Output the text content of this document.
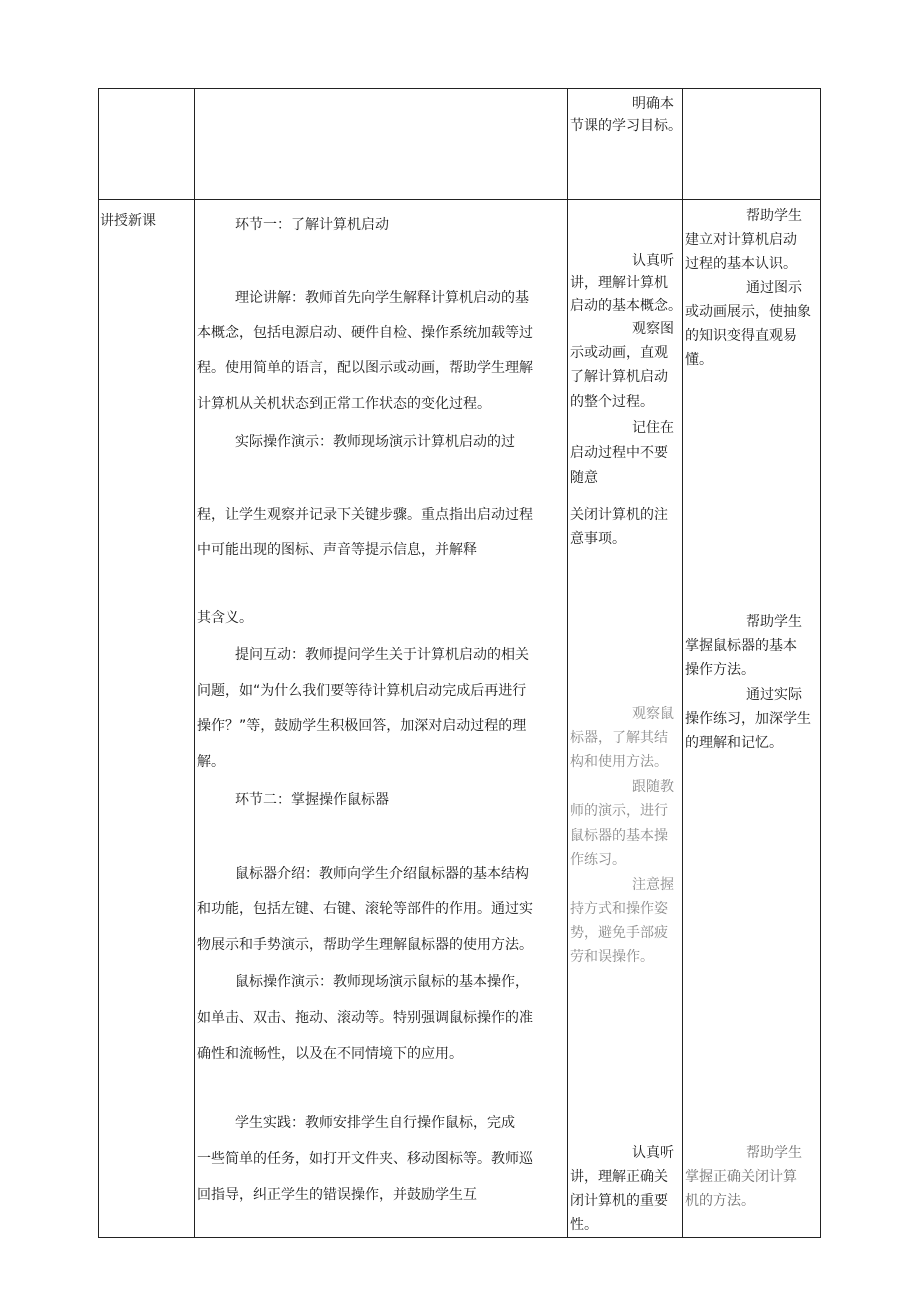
明确本
节课的学习目标。
讲授新课	环节一：了解计算机启动
理论讲解：教师首先向学生解释计算机启动的基
本概念，包括电源启动、硬件自检、操作系统加载等过
程。使用简单的语言，配以图示或动画，帮助学生理解
计算机从关机状态到正常工作状态的变化过程。
实际操作演示：教师现场演示计算机启动的过
程，让学生观察并记录下关键步骤。重点指出启动过程
中可能出现的图标、声音等提示信息，并解释
其含义。
提问互动：教师提问学生关于计算机启动的相关
问题，如“为什么我们要等待计算机启动完成后再进行
操作？”等，鼓励学生积极回答，加深对启动过程的理
解。
环节二：掌握操作鼠标器
鼠标器介绍：教师向学生介绍鼠标器的基本结构
和功能，包括左键、右键、滚轮等部件的作用。通过实
物展示和手势演示，帮助学生理解鼠标器的使用方法。
鼠标操作演示：教师现场演示鼠标的基本操作，
如单击、双击、拖动、滚动等。特别强调鼠标操作的准
确性和流畅性，以及在不同情境下的应用。
学生实践：教师安排学生自行操作鼠标，完成
一些简单的任务，如打开文件夹、移动图标等。教师巡
回指导，纠正学生的错误操作，并鼓励学生互
认真听
讲，理解计算机
启动的基本概念。
观察图
示或动画，直观
了解计算机启动
的整个过程。
记住在
启动过程中不要
随意
关闭计算机的注
意事项。
观察鼠
标器，了解其结
构和使用方法。
跟随教
师的演示，进行
鼠标器的基本操
作练习。
注意握
持方式和操作姿
势，避免手部疲
劳和误操作。
认真听
讲，理解正确关
闭计算机的重要
性。
帮助学生
建立对计算机启动
过程的基本认识。
通过图示
或动画展示，使抽象
的知识变得直观易
懂。
帮助学生
掌握鼠标器的基本
操作方法。
通过实际
操作练习，加深学生
的理解和记忆。
帮助学生
掌握正确关闭计算
机的方法。
